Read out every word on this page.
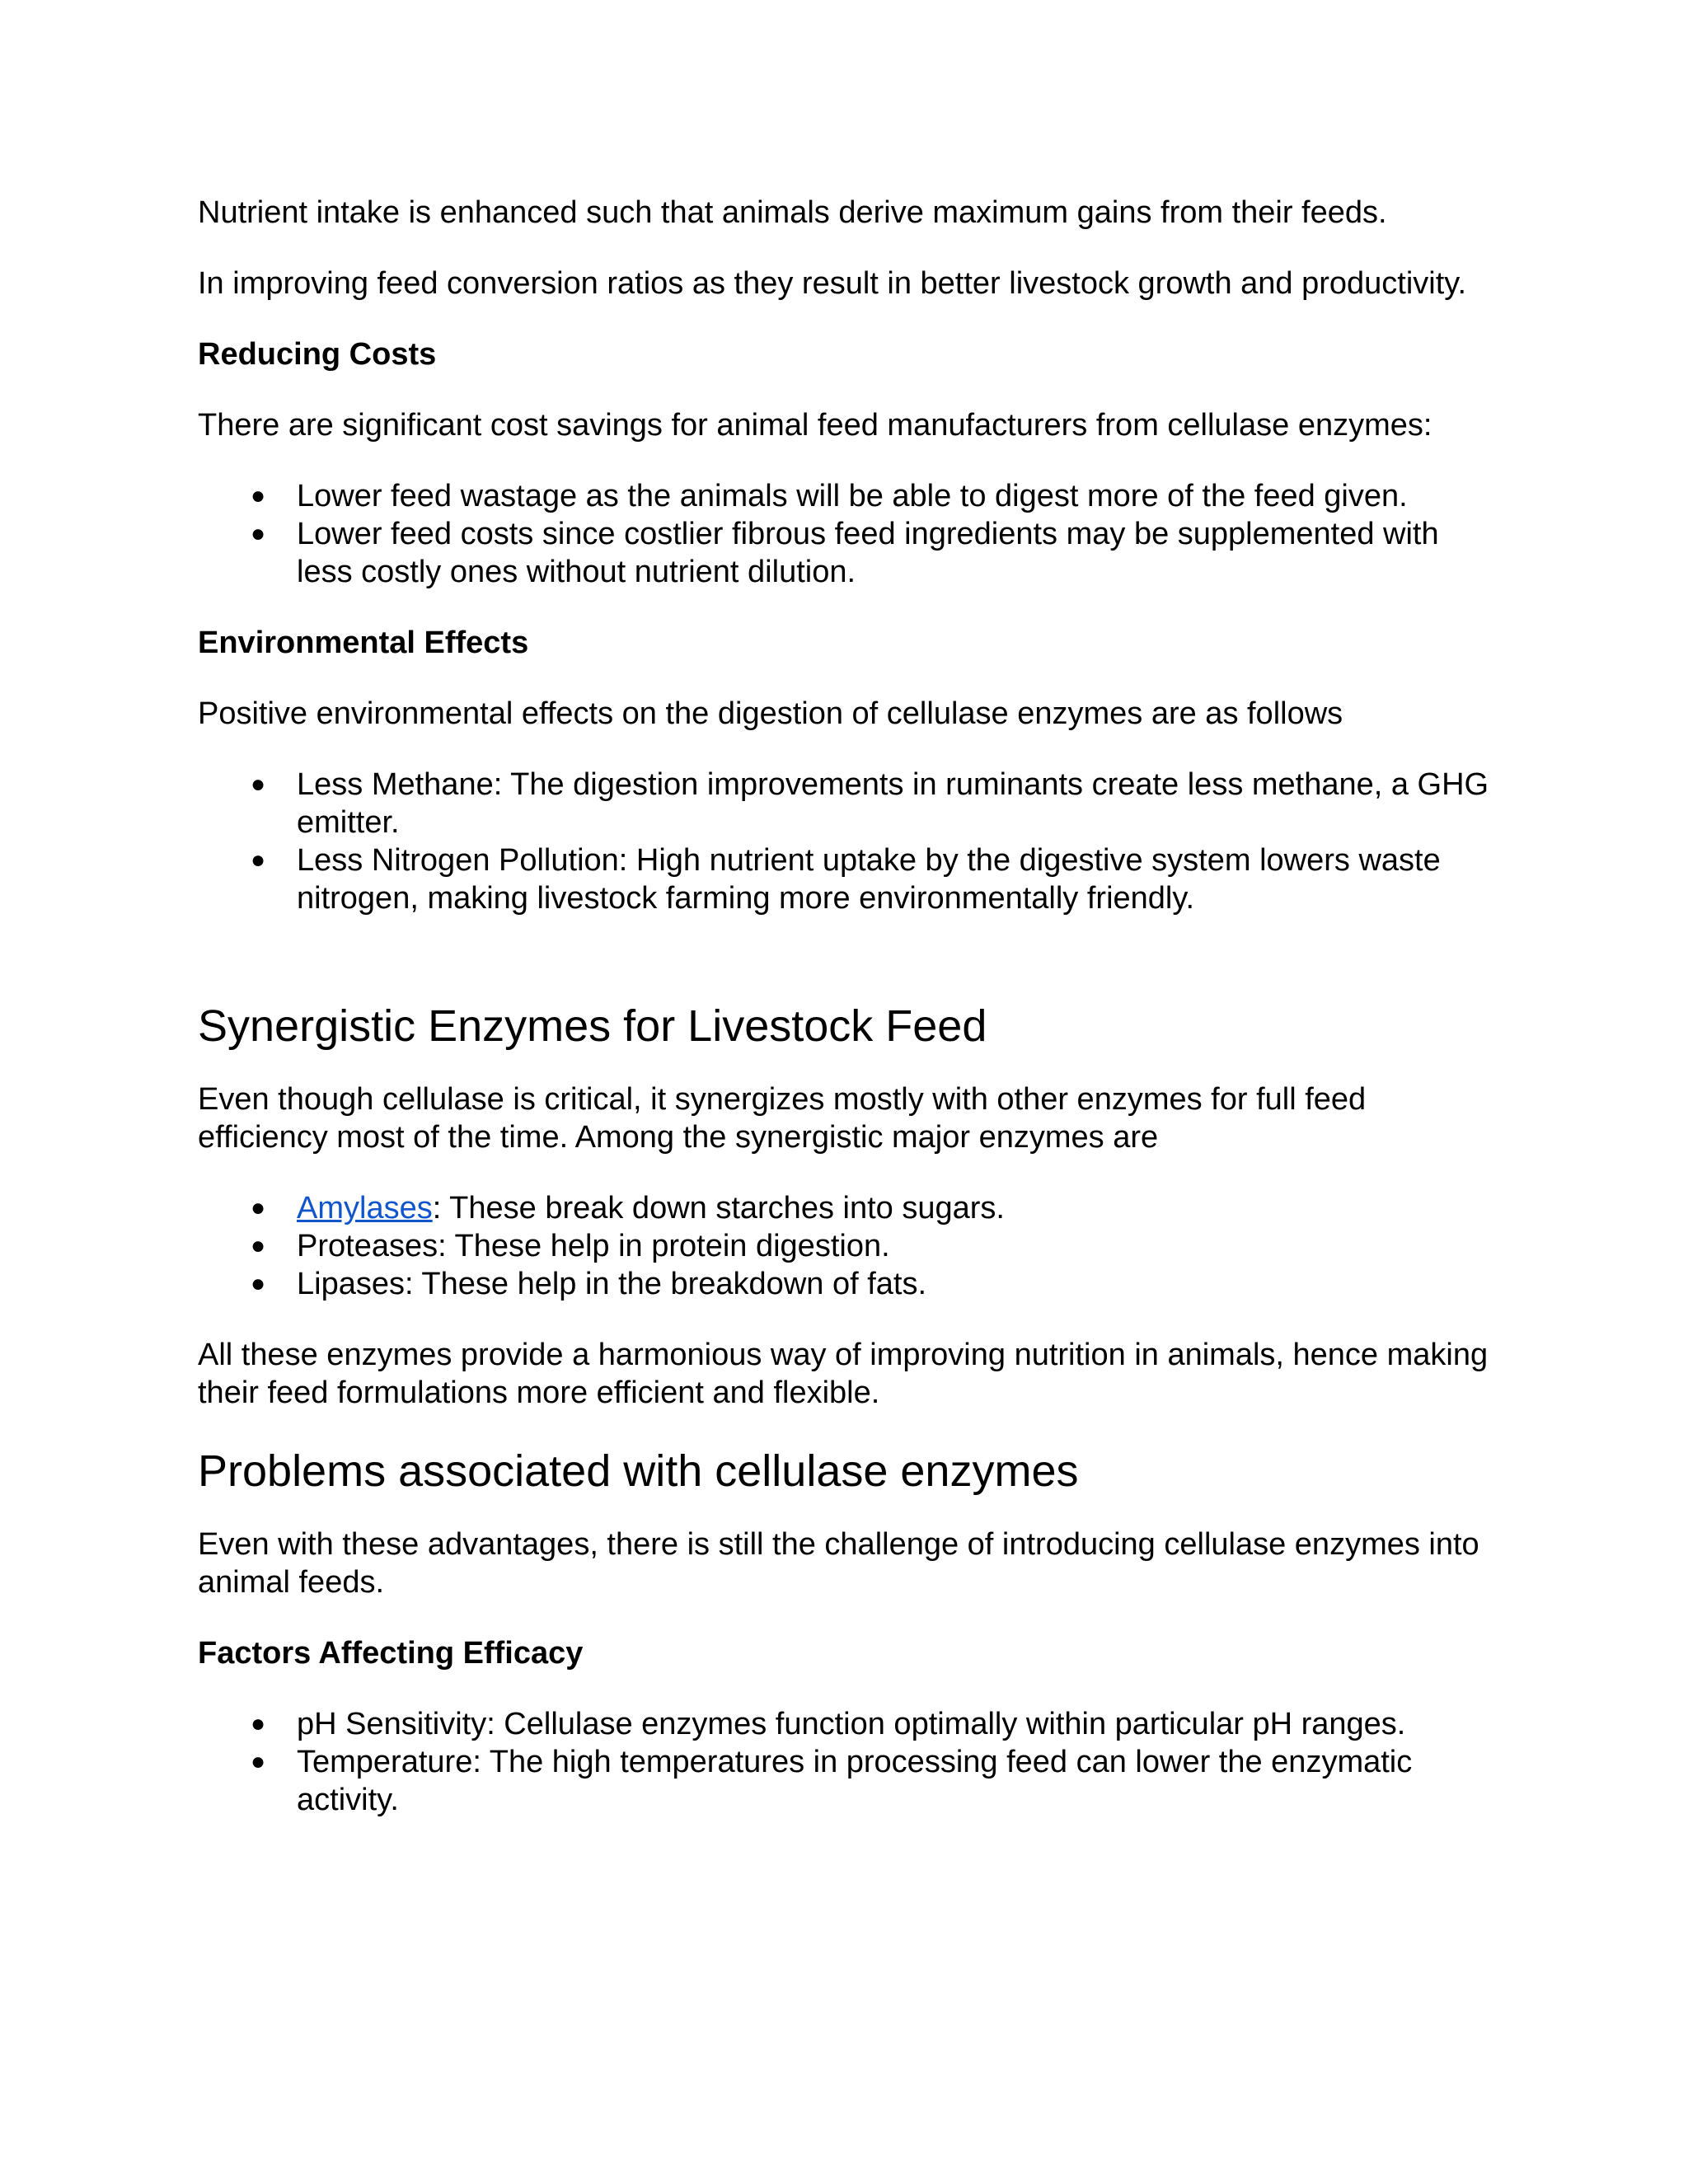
Nutrient intake is enhanced such that animals derive maximum gains from their feeds.

In improving feed conversion ratios as they result in better livestock growth and productivity.

Reducing Costs

There are significant cost savings for animal feed manufacturers from cellulase enzymes:

● Lower feed wastage as the animals will be able to digest more of the feed given.
● Lower feed costs since costlier fibrous feed ingredients may be supplemented with less costly ones without nutrient dilution.
Environmental Effects

Positive environmental effects on the digestion of cellulase enzymes are as follows

● Less Methane: The digestion improvements in ruminants create less methane, a GHG emitter.
● Less Nitrogen Pollution: High nutrient uptake by the digestive system lowers waste nitrogen, making livestock farming more environmentally friendly.
Synergistic Enzymes for Livestock Feed

Even though cellulase is critical, it synergizes mostly with other enzymes for full feed efficiency most of the time. Among the synergistic major enzymes are

● Amylases: These break down starches into sugars.
● Proteases: These help in protein digestion.
● Lipases: These help in the breakdown of fats.

All these enzymes provide a harmonious way of improving nutrition in animals, hence making their feed formulations more efficient and flexible.

Problems associated with cellulase enzymes

Even with these advantages, there is still the challenge of introducing cellulase enzymes into animal feeds.

Factors Affecting Efficacy
● pH Sensitivity: Cellulase enzymes function optimally within particular pH ranges.
● Temperature: The high temperatures in processing feed can lower the enzymatic activity.
